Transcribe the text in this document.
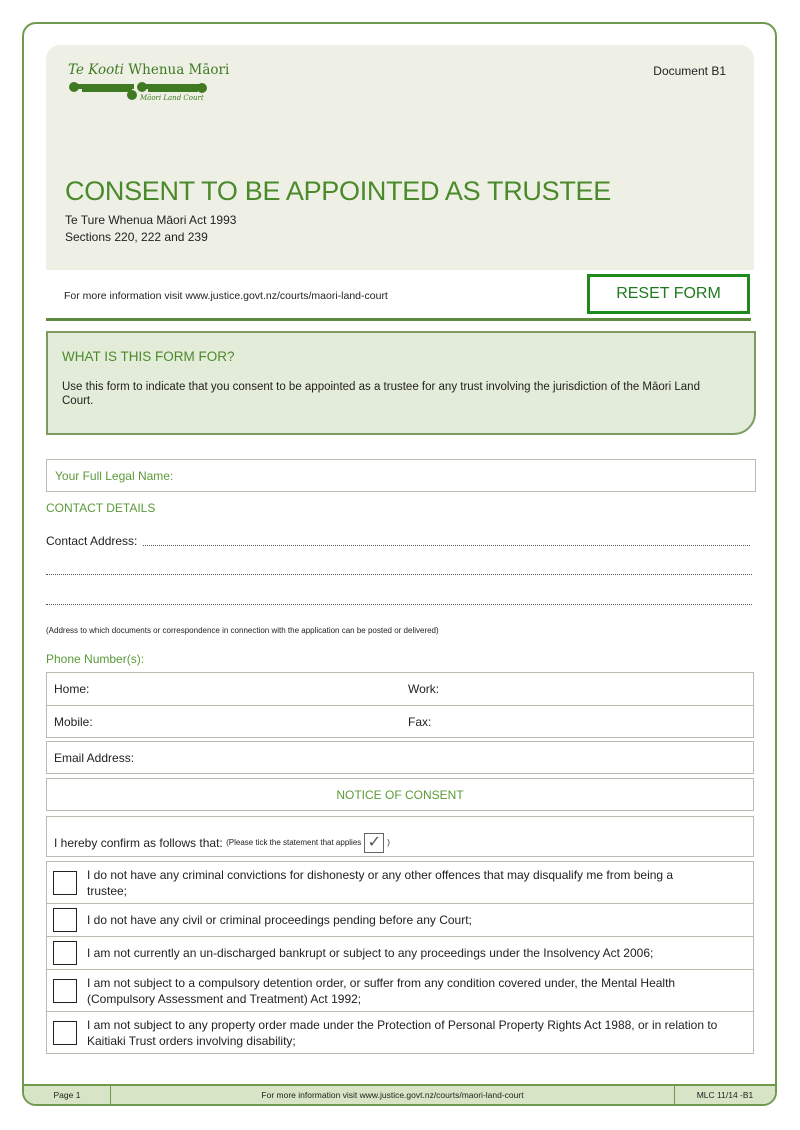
Te Kooti Whenua Māori
Māori Land Court
Document B1
CONSENT TO BE APPOINTED AS TRUSTEE
Te Ture Whenua Māori Act 1993
Sections 220, 222 and 239
For more information visit www.justice.govt.nz/courts/maori-land-court	RESET FORM
WHAT IS THIS FORM FOR?

Use this form to indicate that you consent to be appointed as a trustee for any trust involving the jurisdiction of the Māori Land Court.

Your Full Legal Name:
CONTACT DETAILS
Contact Address:
(Address to which documents or correspondence in connection with the application can be posted or delivered)
Phone Number(s):
Home:	Work:
Mobile:	Fax:
Email Address:
NOTICE OF CONSENT
I hereby confirm as follows that:
(Please tick the statement that applies ✓ )
I do not have any criminal convictions for dishonesty or any other offences that may disqualify me from being a trustee;
I do not have any civil or criminal proceedings pending before any Court;
I am not currently an un-discharged bankrupt or subject to any proceedings under the Insolvency Act 2006;
I am not subject to a compulsory detention order, or suffer from any condition covered under, the Mental Health (Compulsory Assessment and Treatment) Act 1992;
I am not subject to any property order made under the Protection of Personal Property Rights Act 1988, or in relation to Kaitiaki Trust orders involving disability;
Page 1	For more information visit www.justice.govt.nz/courts/maori-land-court	MLC 11/14 -B1
